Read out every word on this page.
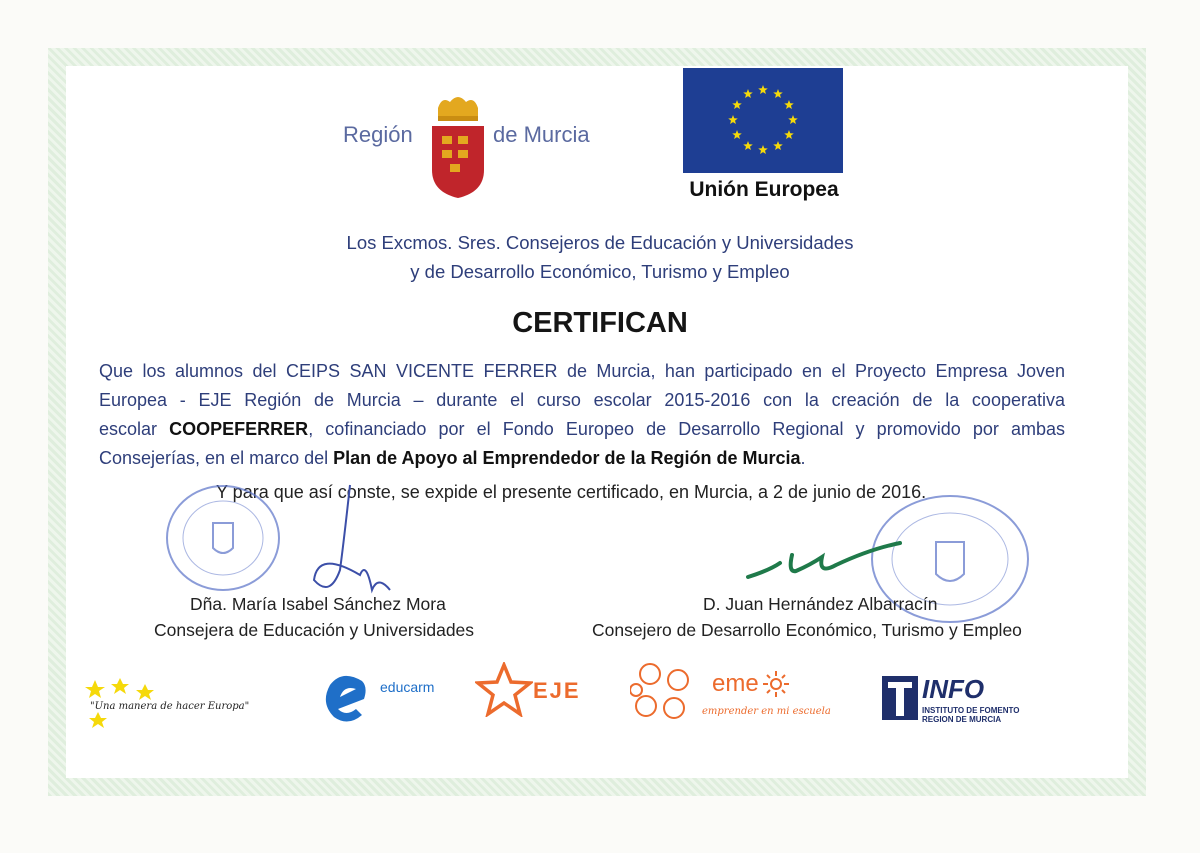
Región	de Murcia
Unión Europea
Los Excmos. Sres. Consejeros de Educación y Universidades
y de Desarrollo Económico, Turismo y Empleo
CERTIFICAN
Que los alumnos del CEIPS SAN VICENTE FERRER de Murcia, han participado en el Proyecto Empresa Joven
Europea - EJE Región de Murcia – durante el curso escolar 2015-2016 con la creación de la cooperativa
escolar COOPEFERRER, cofinanciado por el Fondo Europeo de Desarrollo Regional y promovido por ambas
Consejerías, en el marco del Plan de Apoyo al Emprendedor de la Región de Murcia.
Y para que así conste, se expide el presente certificado, en Murcia, a 2 de junio de 2016.
Dña. María Isabel Sánchez Mora
Consejera de Educación y Universidades
D. Juan Hernández Albarracín
Consejero de Desarrollo Económico, Turismo y Empleo
"Una manera de hacer Europa"
educarm	EJE	eme
emprender en mi escuela
INFO
INSTITUTO DE FOMENTO
REGION DE MURCIA
